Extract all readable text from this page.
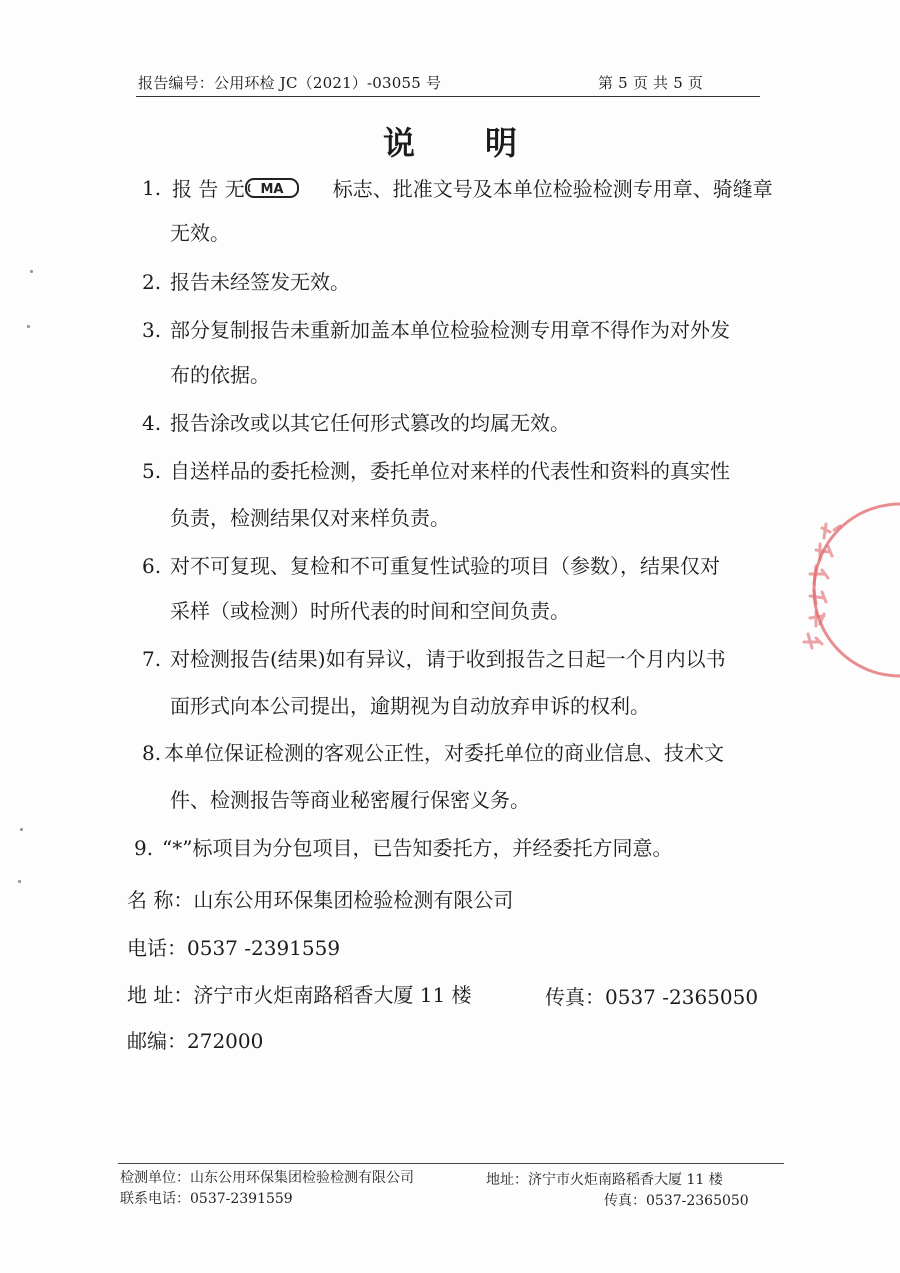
报告编号：公用环检 JC（2021）-03055 号	第 5 页 共 5 页
说明
1. 报 告 无 MA 标志、批准文号及本单位检验检测专用章、骑缝章
无效。
2. 报告未经签发无效。
3. 部分复制报告未重新加盖本单位检验检测专用章不得作为对外发
布的依据。
4. 报告涂改或以其它任何形式篡改的均属无效。
5. 自送样品的委托检测，委托单位对来样的代表性和资料的真实性
负责，检测结果仅对来样负责。
6. 对不可复现、复检和不可重复性试验的项目（参数），结果仅对
采样（或检测）时所代表的时间和空间负责。
7. 对检测报告(结果)如有异议，请于收到报告之日起一个月内以书
面形式向本公司提出，逾期视为自动放弃申诉的权利。
8. 本单位保证检测的客观公正性，对委托单位的商业信息、技术文
件、检测报告等商业秘密履行保密义务。
9. “*”标项目为分包项目，已告知委托方，并经委托方同意。
名 称：山东公用环保集团检验检测有限公司
电话：0537 -2391559
地 址：济宁市火炬南路稻香大厦 11 楼	传真：0537 -2365050
邮编：272000
检测单位：山东公用环保集团检验检测有限公司	地址：济宁市火炬南路稻香大厦 11 楼
联系电话：0537-2391559	传真：0537-2365050
